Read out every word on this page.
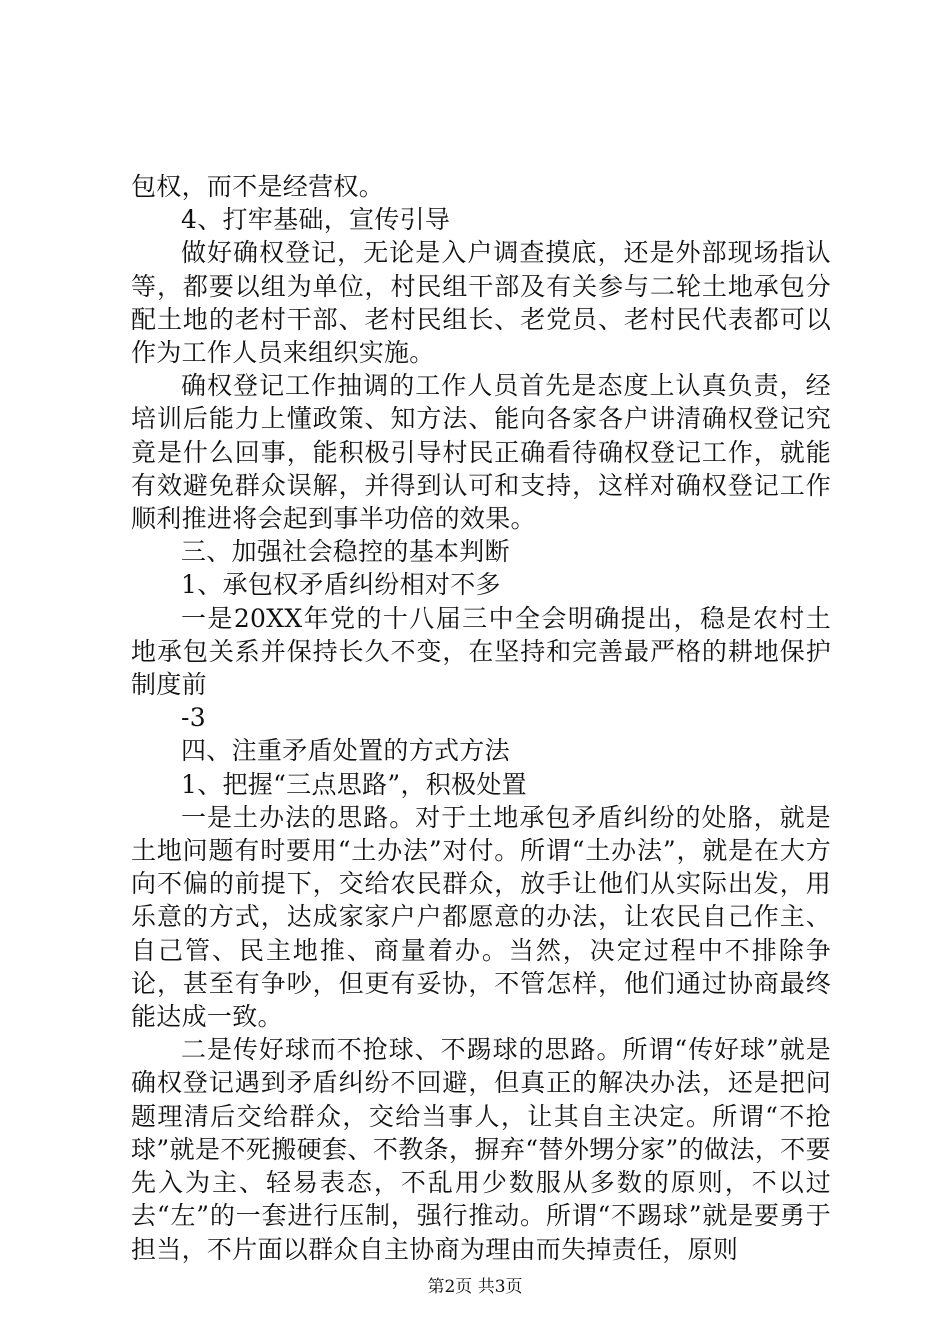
包权，而不是经营权。

4、打牢基础，宣传引导

做好确权登记，无论是入户调查摸底，还是外部现场指认等，都要以组为单位，村民组干部及有关参与二轮土地承包分配土地的老村干部、老村民组长、老党员、老村民代表都可以作为工作人员来组织实施。

确权登记工作抽调的工作人员首先是态度上认真负责，经培训后能力上懂政策、知方法、能向各家各户讲清确权登记究竟是什么回事，能积极引导村民正确看待确权登记工作，就能有效避免群众误解，并得到认可和支持，这样对确权登记工作顺利推进将会起到事半功倍的效果。

三、加强社会稳控的基本判断

1、承包权矛盾纠纷相对不多

一是20XX年党的十八届三中全会明确提出，稳是农村土地承包关系并保持长久不变，在坚持和完善最严格的耕地保护制度前

-3

四、注重矛盾处置的方式方法

1、把握“三点思路”，积极处置

一是土办法的思路。对于土地承包矛盾纠纷的处胳，就是土地问题有时要用“土办法”对付。所谓“土办法”，就是在大方向不偏的前提下，交给农民群众，放手让他们从实际出发，用乐意的方式，达成家家户户都愿意的办法，让农民自己作主、自己管、民主地推、商量着办。当然，决定过程中不排除争论，甚至有争吵，但更有妥协，不管怎样，他们通过协商最终能达成一致。

二是传好球而不抢球、不踢球的思路。所谓“传好球”就是确权登记遇到矛盾纠纷不回避，但真正的解决办法，还是把问题理清后交给群众，交给当事人，让其自主决定。所谓“不抢球”就是不死搬硬套、不教条，摒弃“替外甥分家”的做法，不要先入为主、轻易表态，不乱用少数服从多数的原则，不以过去“左”的一套进行压制，强行推动。所谓“不踢球”就是要勇于担当，不片面以群众自主协商为理由而失掉责任，原则

第2页 共3页
